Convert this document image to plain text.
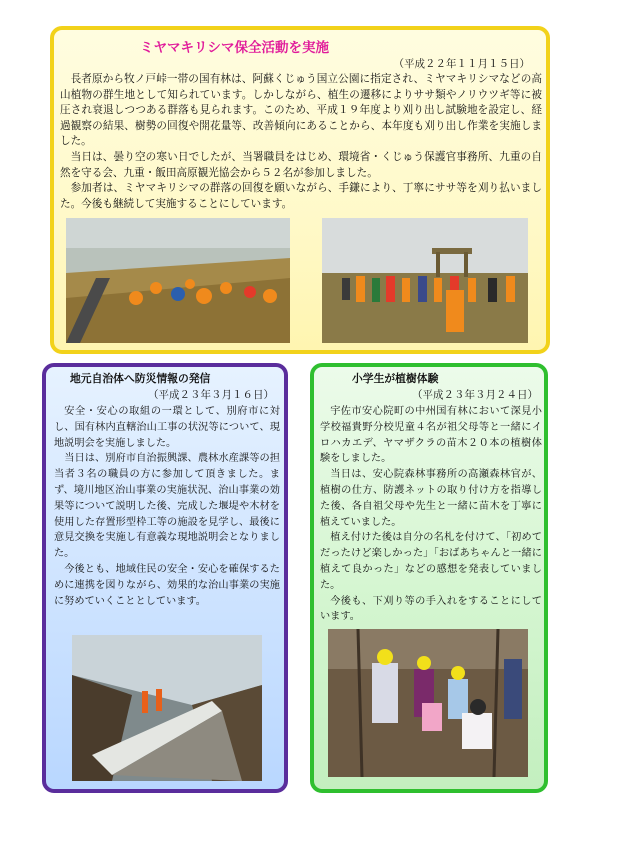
ミヤマキリシマ保全活動を実施
（平成２２年１１月１５日）

長者原から牧ノ戸峠一帯の国有林は、阿蘇くじゅう国立公園に指定され、ミヤマキリシマなどの高山植物の群生地として知られています。しかしながら、植生の遷移によりササ類やノリウツギ等に被圧され衰退しつつある群落も見られます。このため、平成１９年度より刈り出し試験地を設定し、経過観察の結果、樹勢の回復や開花量等、改善傾向にあることから、本年度も刈り出し作業を実施しました。

当日は、曇り空の寒い日でしたが、当署職員をはじめ、環境省・くじゅう保護官事務所、九重の自然を守る会、九重・飯田高原観光協会から５２名が参加しました。

参加者は、ミヤマキリシマの群落の回復を願いながら、手鎌により、丁寧にササ等を刈り払いました。今後も継続して実施することにしています。

地元自治体へ防災情報の発信
（平成２３年３月１６日）

安全・安心の取組の一環として、別府市に対し、国有林内直轄治山工事の状況等について、現地説明会を実施しました。

当日は、別府市自治振興課、農林水産課等の担当者３名の職員の方に参加して頂きました。まず、境川地区治山事業の実施状況、治山事業の効果等について説明した後、完成した堰堤や木材を使用した存置形型枠工等の施設を見学し、最後に意見交換を実施し有意義な現地説明会となりました。

今後とも、地域住民の安全・安心を確保するために連携を図りながら、効果的な治山事業の実施に努めていくこととしています。

小学生が植樹体験
（平成２３年３月２４日）

宇佐市安心院町の中州国有林において深見小学校福貴野分校児童４名が祖父母等と一緒にイロハカエデ、ヤマザクラの苗木２０本の植樹体験をしました。

当日は、安心院森林事務所の高瀬森林官が、植樹の仕方、防護ネットの取り付け方を指導した後、各自祖父母や先生と一緒に苗木を丁寧に植えていました。

植え付けた後は自分の名札を付けて、「初めてだったけど楽しかった」「おばあちゃんと一緒に植えて良かった」などの感想を発表していました。

今後も、下刈り等の手入れをすることにしています。
